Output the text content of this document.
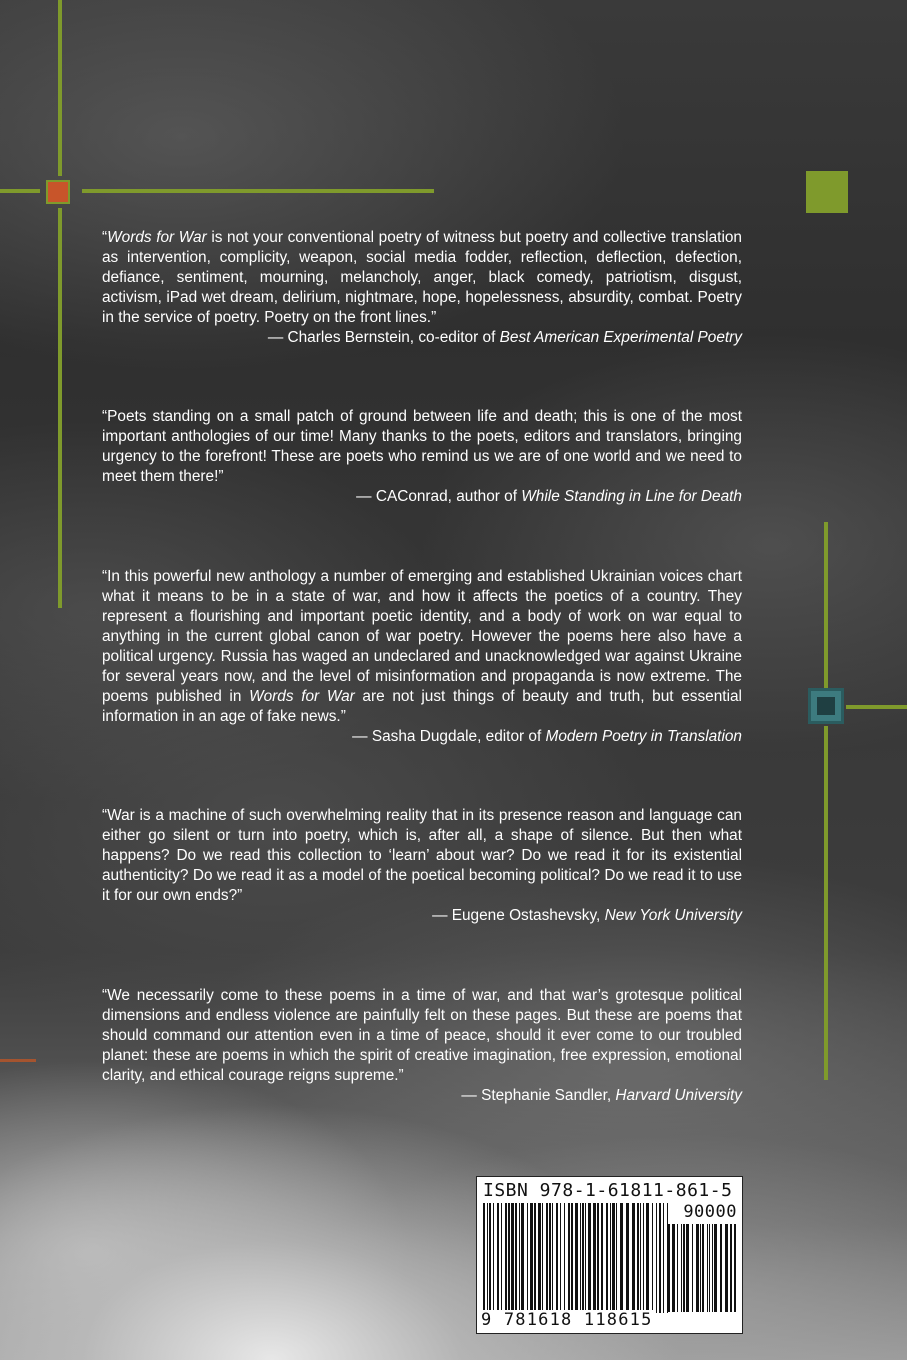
“Words for War is not your conventional poetry of witness but poetry and collective translation as intervention, complicity, weapon, social media fodder, reflection, deflection, defection, defiance, sentiment, mourning, melancholy, anger, black comedy, patriotism, disgust, activism, iPad wet dream, delirium, nightmare, hope, hopelessness, absurdity, combat. Poetry in the service of poetry. Poetry on the front lines.”

— Charles Bernstein, co-editor of Best American Experimental Poetry

“Poets standing on a small patch of ground between life and death; this is one of the most important anthologies of our time! Many thanks to the poets, editors and translators, bringing urgency to the forefront! These are poets who remind us we are of one world and we need to meet them there!”

— CAConrad, author of While Standing in Line for Death

“In this powerful new anthology a number of emerging and established Ukrainian voices chart what it means to be in a state of war, and how it affects the poetics of a country. They represent a flourishing and important poetic identity, and a body of work on war equal to anything in the current global canon of war poetry. However the poems here also have a political urgency. Russia has waged an undeclared and unacknowledged war against Ukraine for several years now, and the level of misinformation and propaganda is now extreme. The poems published in Words for War are not just things of beauty and truth, but essential information in an age of fake news.”

— Sasha Dugdale, editor of Modern Poetry in Translation

“War is a machine of such overwhelming reality that in its presence reason and language can either go silent or turn into poetry, which is, after all, a shape of silence. But then what happens? Do we read this collection to ‘learn’ about war? Do we read it for its existential authenticity? Do we read it as a model of the poetical becoming political? Do we read it to use it for our own ends?”

— Eugene Ostashevsky, New York University

“We necessarily come to these poems in a time of war, and that war’s grotesque political dimensions and endless violence are painfully felt on these pages. But these are poems that should command our attention even in a time of peace, should it ever come to our troubled planet: these are poems in which the spirit of creative imagination, free expression, emotional clarity, and ethical courage reigns supreme.”

— Stephanie Sandler, Harvard University

ISBN 978-1-61811-861-5
90000
9 781618 118615
